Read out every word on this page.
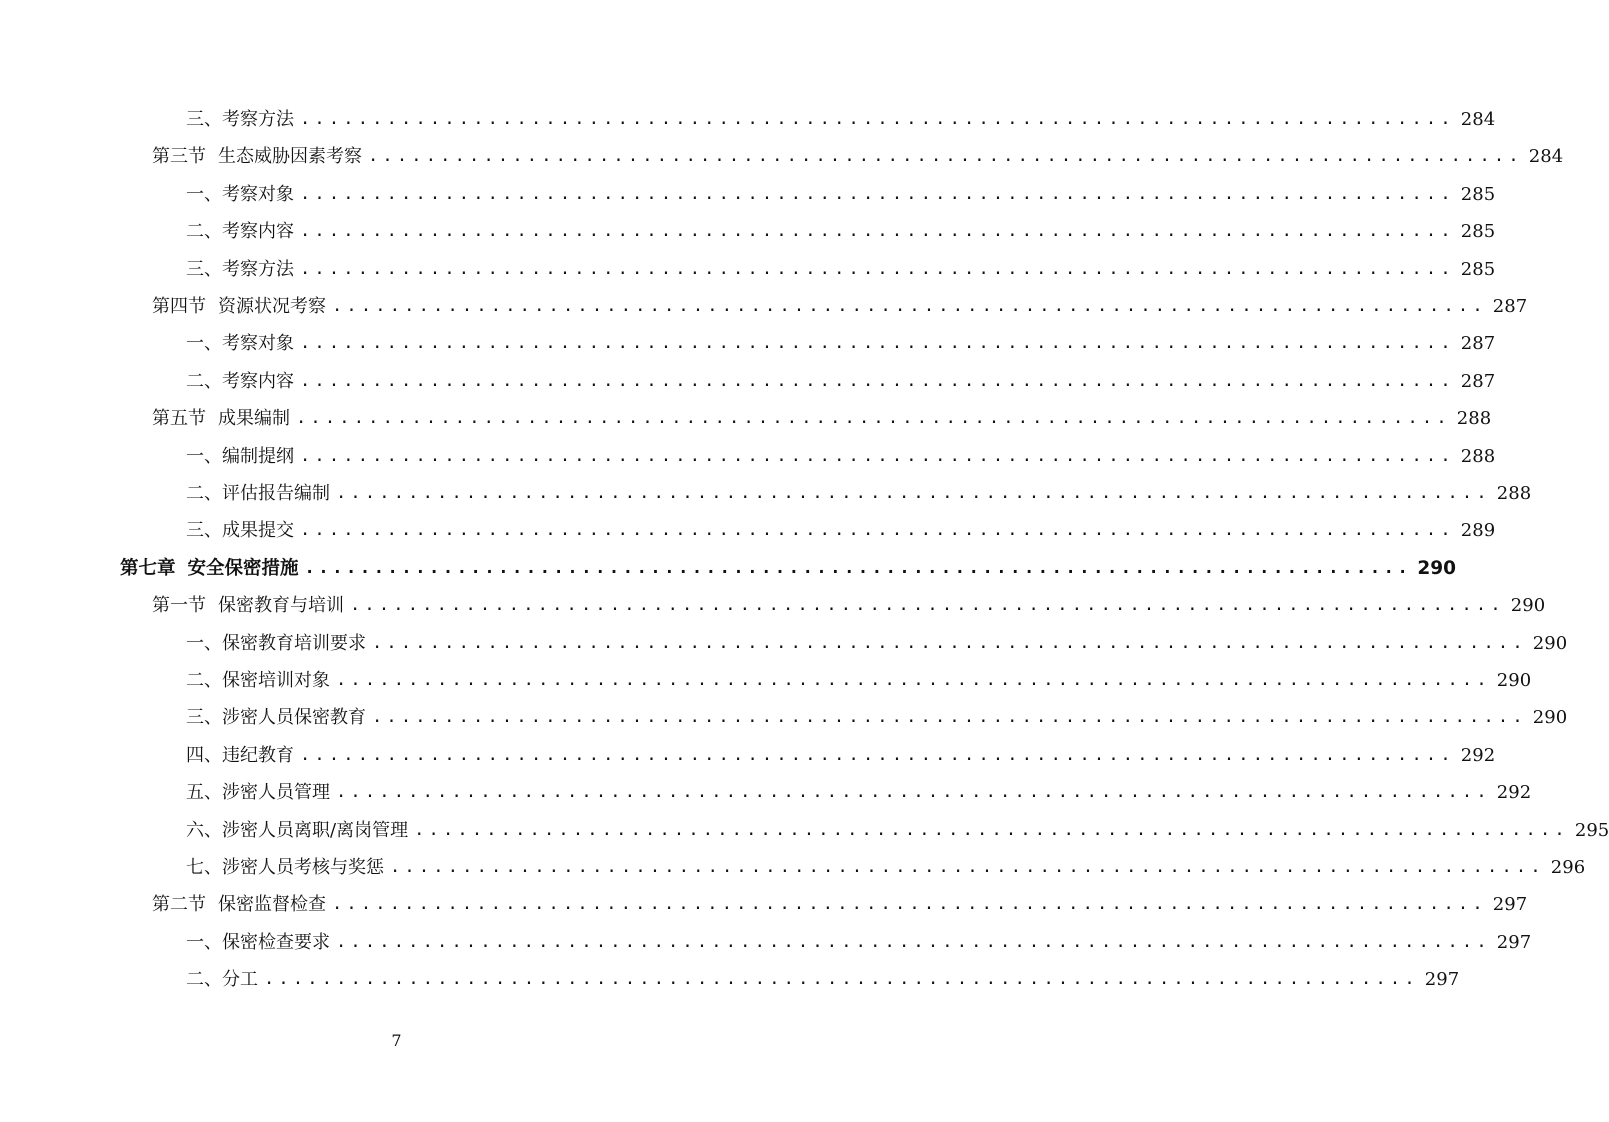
三、考察方法 ................................................................................ 284
第三节 生态威胁因素考察 ................................................................................ 284
一、考察对象 ................................................................................ 285
二、考察内容 ................................................................................ 285
三、考察方法 ................................................................................ 285
第四节 资源状况考察 ................................................................................ 287
一、考察对象 ................................................................................ 287
二、考察内容 ................................................................................ 287
第五节 成果编制 ................................................................................ 288
一、编制提纲 ................................................................................ 288
二、评估报告编制 ................................................................................ 288
三、成果提交 ................................................................................ 289
第七章 安全保密措施 ................................................................................ 290
第一节 保密教育与培训 ................................................................................ 290
一、保密教育培训要求 ................................................................................ 290
二、保密培训对象 ................................................................................ 290
三、涉密人员保密教育 ................................................................................ 290
四、违纪教育 ................................................................................ 292
五、涉密人员管理 ................................................................................ 292
六、涉密人员离职/离岗管理 ................................................................................ 295
七、涉密人员考核与奖惩 ................................................................................ 296
第二节 保密监督检查 ................................................................................ 297
一、保密检查要求 ................................................................................ 297
二、分工 ................................................................................ 297
7
